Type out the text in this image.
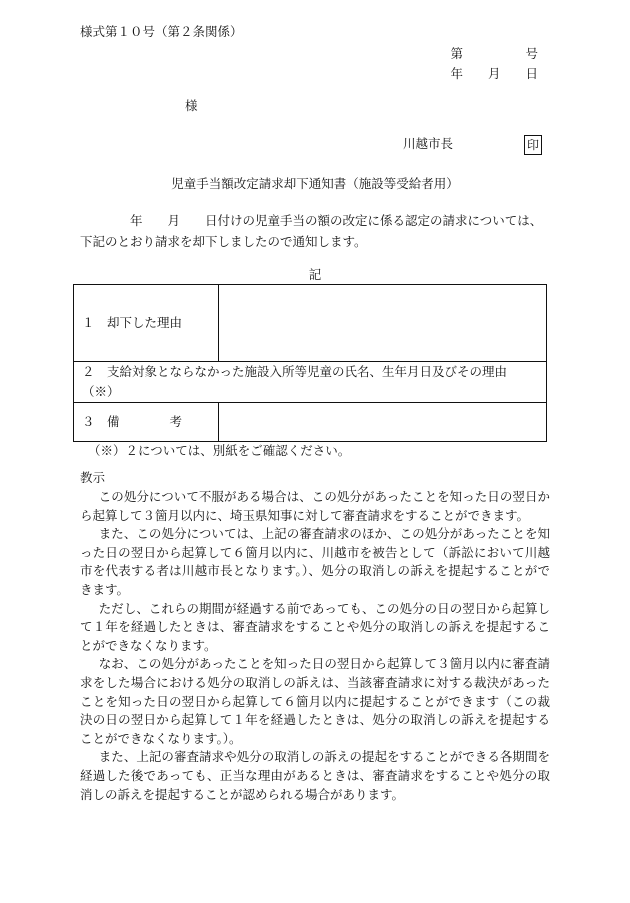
様式第１０号（第２条関係）
第　　　　　号
年　　月　　日
様
川越市長	印
児童手当額改定請求却下通知書（施設等受給者用）
　　　　年　　月　　日付けの児童手当の額の改定に係る認定の請求については、下記のとおり請求を却下しましたので通知します。
記
１　却下した理由	
２　支給対象とならなかった施設入所等児童の氏名、生年月日及びその理由（※）	
３　備　　　　考	
（※）２については、別紙をご確認ください。
教示

この処分について不服がある場合は、この処分があったことを知った日の翌日から起算して３箇月以内に、埼玉県知事に対して審査請求をすることができます。

また、この処分については、上記の審査請求のほか、この処分があったことを知った日の翌日から起算して６箇月以内に、川越市を被告として（訴訟において川越市を代表する者は川越市長となります。）、処分の取消しの訴えを提起することができます。

ただし、これらの期間が経過する前であっても、この処分の日の翌日から起算して１年を経過したときは、審査請求をすることや処分の取消しの訴えを提起することができなくなります。

なお、この処分があったことを知った日の翌日から起算して３箇月以内に審査請求をした場合における処分の取消しの訴えは、当該審査請求に対する裁決があったことを知った日の翌日から起算して６箇月以内に提起することができます（この裁決の日の翌日から起算して１年を経過したときは、処分の取消しの訴えを提起することができなくなります。）。

また、上記の審査請求や処分の取消しの訴えの提起をすることができる各期間を経過した後であっても、正当な理由があるときは、審査請求をすることや処分の取消しの訴えを提起することが認められる場合があります。
